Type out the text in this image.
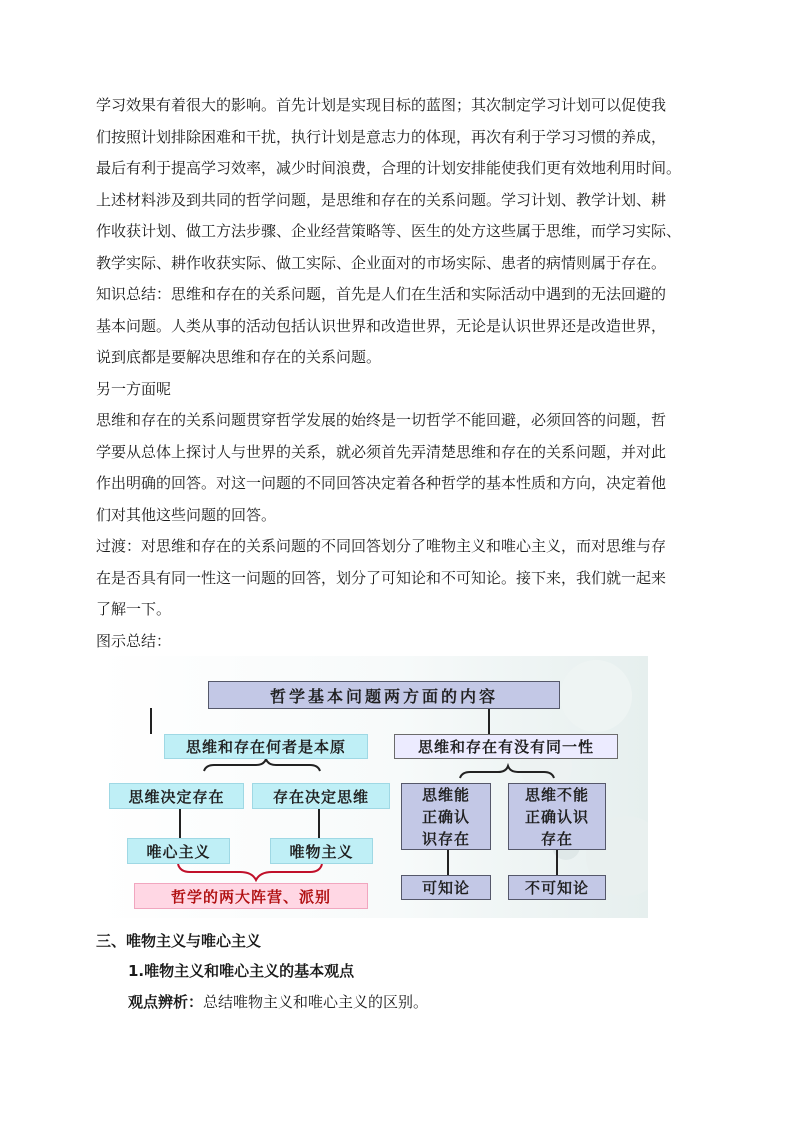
学习效果有着很大的影响。首先计划是实现目标的蓝图；其次制定学习计划可以促使我
们按照计划排除困难和干扰，执行计划是意志力的体现，再次有利于学习习惯的养成，
最后有利于提高学习效率，减少时间浪费，合理的计划安排能使我们更有效地利用时间。
上述材料涉及到共同的哲学问题，是思维和存在的关系问题。学习计划、教学计划、耕
作收获计划、做工方法步骤、企业经营策略等、医生的处方这些属于思维，而学习实际、
教学实际、耕作收获实际、做工实际、企业面对的市场实际、患者的病情则属于存在。
知识总结：思维和存在的关系问题，首先是人们在生活和实际活动中遇到的无法回避的
基本问题。人类从事的活动包括认识世界和改造世界，无论是认识世界还是改造世界，
说到底都是要解决思维和存在的关系问题。
另一方面呢
思维和存在的关系问题贯穿哲学发展的始终是一切哲学不能回避，必须回答的问题，哲
学要从总体上探讨人与世界的关系，就必须首先弄清楚思维和存在的关系问题，并对此
作出明确的回答。对这一问题的不同回答决定着各种哲学的基本性质和方向，决定着他
们对其他这些问题的回答。
过渡：对思维和存在的关系问题的不同回答划分了唯物主义和唯心主义，而对思维与存
在是否具有同一性这一问题的回答，划分了可知论和不可知论。接下来，我们就一起来
了解一下。
图示总结：
哲学基本问题两方面的内容
思维和存在何者是本原	思维和存在有没有同一性
思维决定存在	存在决定思维
唯心主义	唯物主义
哲学的两大阵营、派别
思维能
正确认
识存在
思维不能
正确认识
存在
可知论	不可知论
三、唯物主义与唯心主义
1.唯物主义和唯心主义的基本观点
观点辨析：总结唯物主义和唯心主义的区别。
